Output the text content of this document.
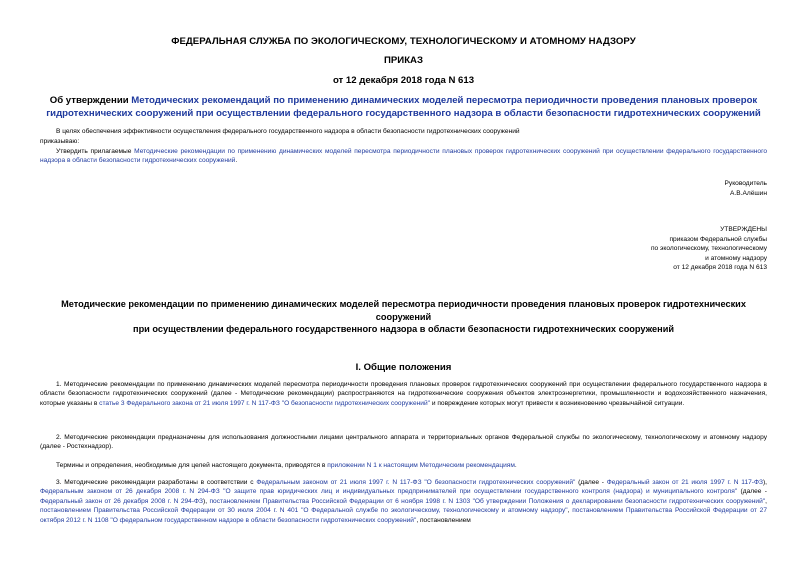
ФЕДЕРАЛЬНАЯ СЛУЖБА ПО ЭКОЛОГИЧЕСКОМУ, ТЕХНОЛОГИЧЕСКОМУ И АТОМНОМУ НАДЗОРУ
ПРИКАЗ
от 12 декабря 2018 года N 613
Об утверждении Методических рекомендаций по применению динамических моделей пересмотра периодичности проведения плановых проверок
гидротехнических сооружений при осуществлении федерального государственного надзора в области безопасности гидротехнических сооружений
В целях обеспечения эффективности осуществления федерального государственного надзора в области безопасности гидротехнических сооружений
приказываю:
Утвердить прилагаемые Методические рекомендации по применению динамических моделей пересмотра периодичности плановых проверок гидротехнических сооружений при осуществлении федерального государственного надзора в области безопасности гидротехнических сооружений.
Руководитель
А.В.Алёшин
УТВЕРЖДЕНЫ
приказом Федеральной службы
по экологическому, технологическому
и атомному надзору
от 12 декабря 2018 года N 613
Методические рекомендации по применению динамических моделей пересмотра периодичности проведения плановых проверок гидротехнических сооружений
при осуществлении федерального государственного надзора в области безопасности гидротехнических сооружений
I. Общие положения
1. Методические рекомендации по применению динамических моделей пересмотра периодичности проведения плановых проверок гидротехнических сооружений при осуществлении федерального государственного надзора в области безопасности гидротехнических сооружений (далее - Методические рекомендации) распространяются на гидротехнические сооружения объектов электроэнергетики, промышленности и водохозяйственного назначения, которые указаны в статье 3 Федерального закона от 21 июля 1997 г. N 117-ФЗ "О безопасности гидротехнических сооружений" и повреждение которых могут привести к возникновению чрезвычайной ситуации.
2. Методические рекомендации предназначены для использования должностными лицами центрального аппарата и территориальных органов Федеральной службы по экологическому, технологическому и атомному надзору (далее - Ростехнадзор).
Термины и определения, необходимые для целей настоящего документа, приводятся в приложении N 1 к настоящим Методическим рекомендациям.
3. Методические рекомендации разработаны в соответствии с Федеральным законом от 21 июля 1997 г. N 117-ФЗ "О безопасности гидротехнических сооружений" (далее - Федеральный закон от 21 июля 1997 г. N 117-ФЗ), Федеральным законом от 26 декабря 2008 г. N 294-ФЗ "О защите прав юридических лиц и индивидуальных предпринимателей при осуществлении государственного контроля (надзора) и муниципального контроля" (далее - Федеральный закон от 26 декабря 2008 г. N 294-ФЗ), постановлением Правительства Российской Федерации от 6 ноября 1998 г. N 1303 "Об утверждении Положения о декларировании безопасности гидротехнических сооружений", постановлением Правительства Российской Федерации от 30 июля 2004 г. N 401 "О Федеральной службе по экологическому, технологическому и атомному надзору", постановлением Правительства Российской Федерации от 27 октября 2012 г. N 1108 "О федеральном государственном надзоре в области безопасности гидротехнических сооружений", постановлением
